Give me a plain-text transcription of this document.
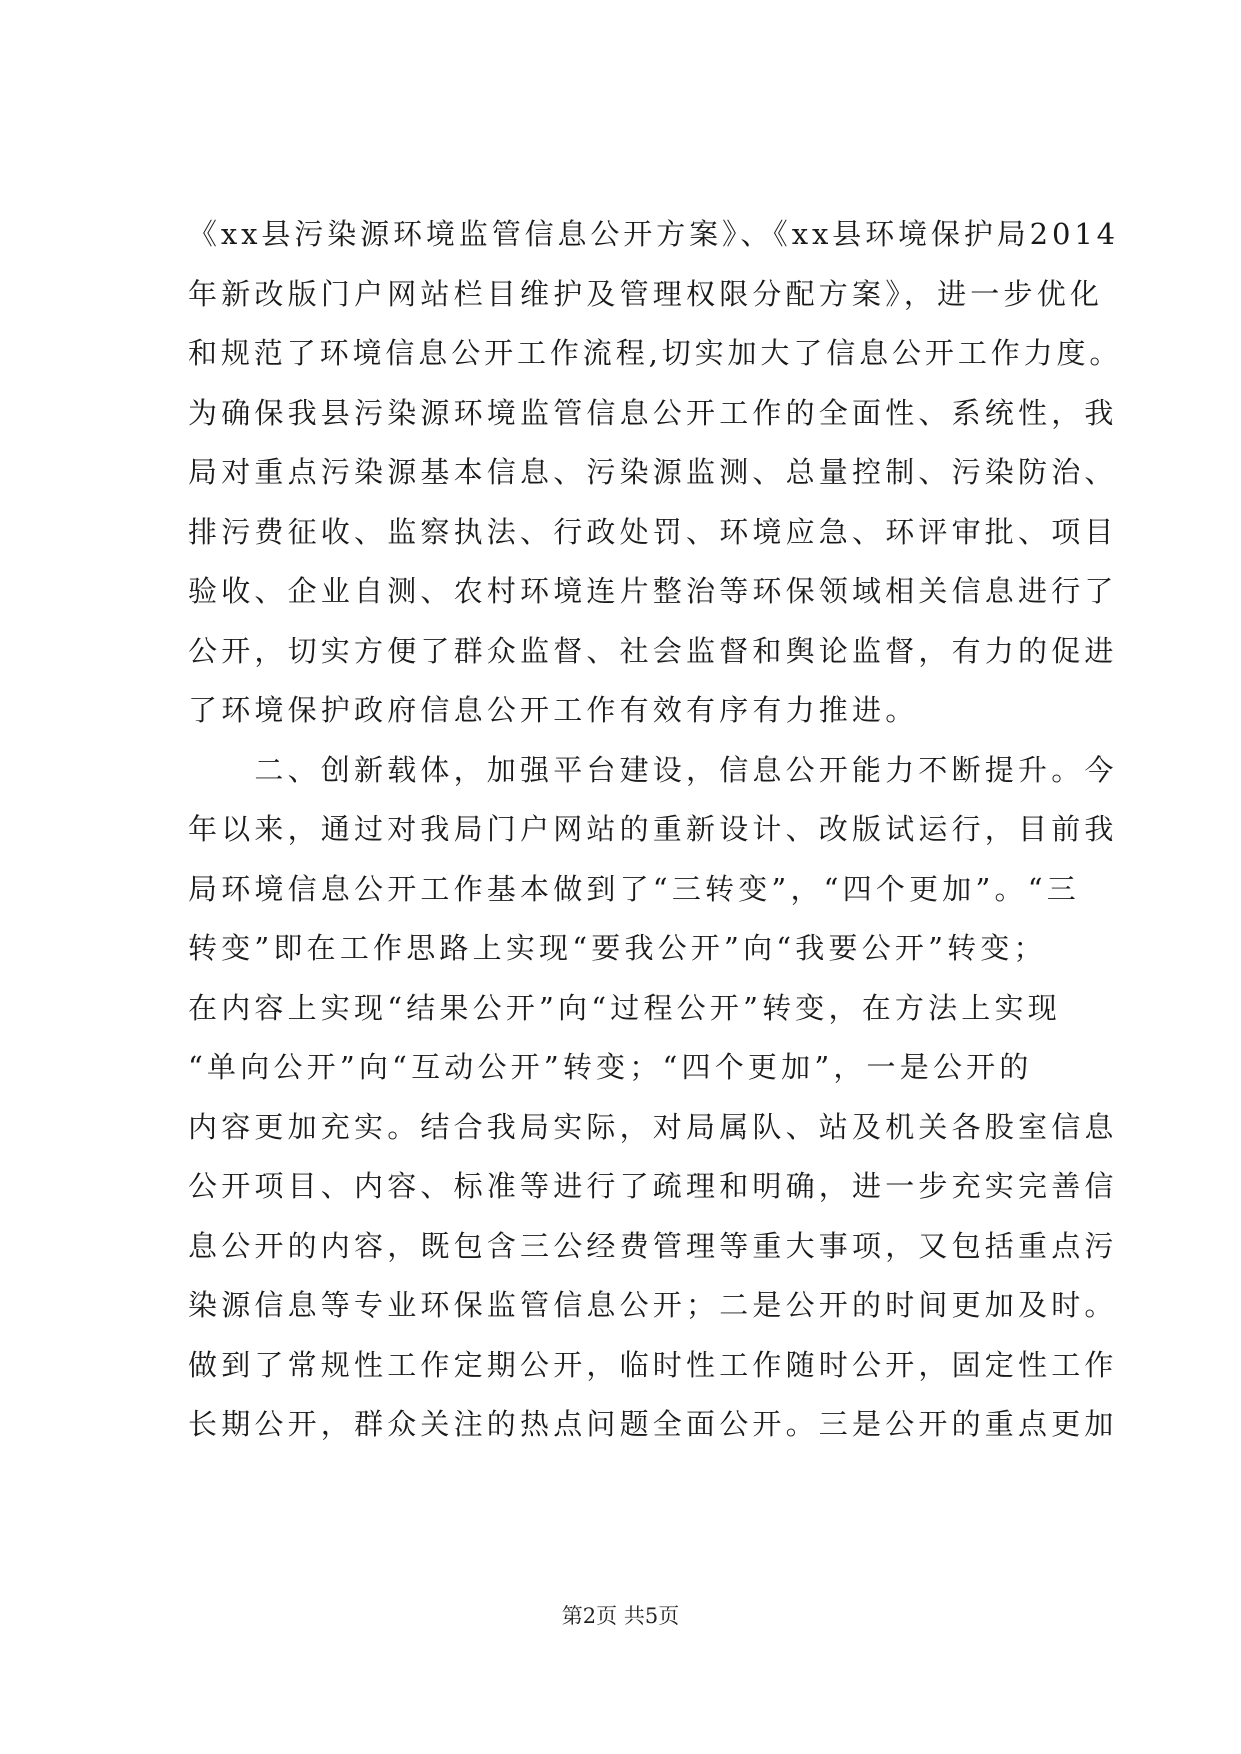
《xx县污染源环境监管信息公开方案》、《xx县环境保护局2014
年新改版门户网站栏目维护及管理权限分配方案》，进一步优化
和规范了环境信息公开工作流程,切实加大了信息公开工作力度。
为确保我县污染源环境监管信息公开工作的全面性、系统性，我
局对重点污染源基本信息、污染源监测、总量控制、污染防治、
排污费征收、监察执法、行政处罚、环境应急、环评审批、项目
验收、企业自测、农村环境连片整治等环保领域相关信息进行了
公开，切实方便了群众监督、社会监督和舆论监督，有力的促进
了环境保护政府信息公开工作有效有序有力推进。
　　二、创新载体，加强平台建设，信息公开能力不断提升。今
年以来，通过对我局门户网站的重新设计、改版试运行，目前我
局环境信息公开工作基本做到了“三转变”，“四个更加”。“三
转变”即在工作思路上实现“要我公开”向“我要公开”转变；
在内容上实现“结果公开”向“过程公开”转变，在方法上实现
“单向公开”向“互动公开”转变；“四个更加”，一是公开的
内容更加充实。结合我局实际，对局属队、站及机关各股室信息
公开项目、内容、标准等进行了疏理和明确，进一步充实完善信
息公开的内容，既包含三公经费管理等重大事项，又包括重点污
染源信息等专业环保监管信息公开；二是公开的时间更加及时。
做到了常规性工作定期公开，临时性工作随时公开，固定性工作
长期公开，群众关注的热点问题全面公开。三是公开的重点更加
第2页 共5页
